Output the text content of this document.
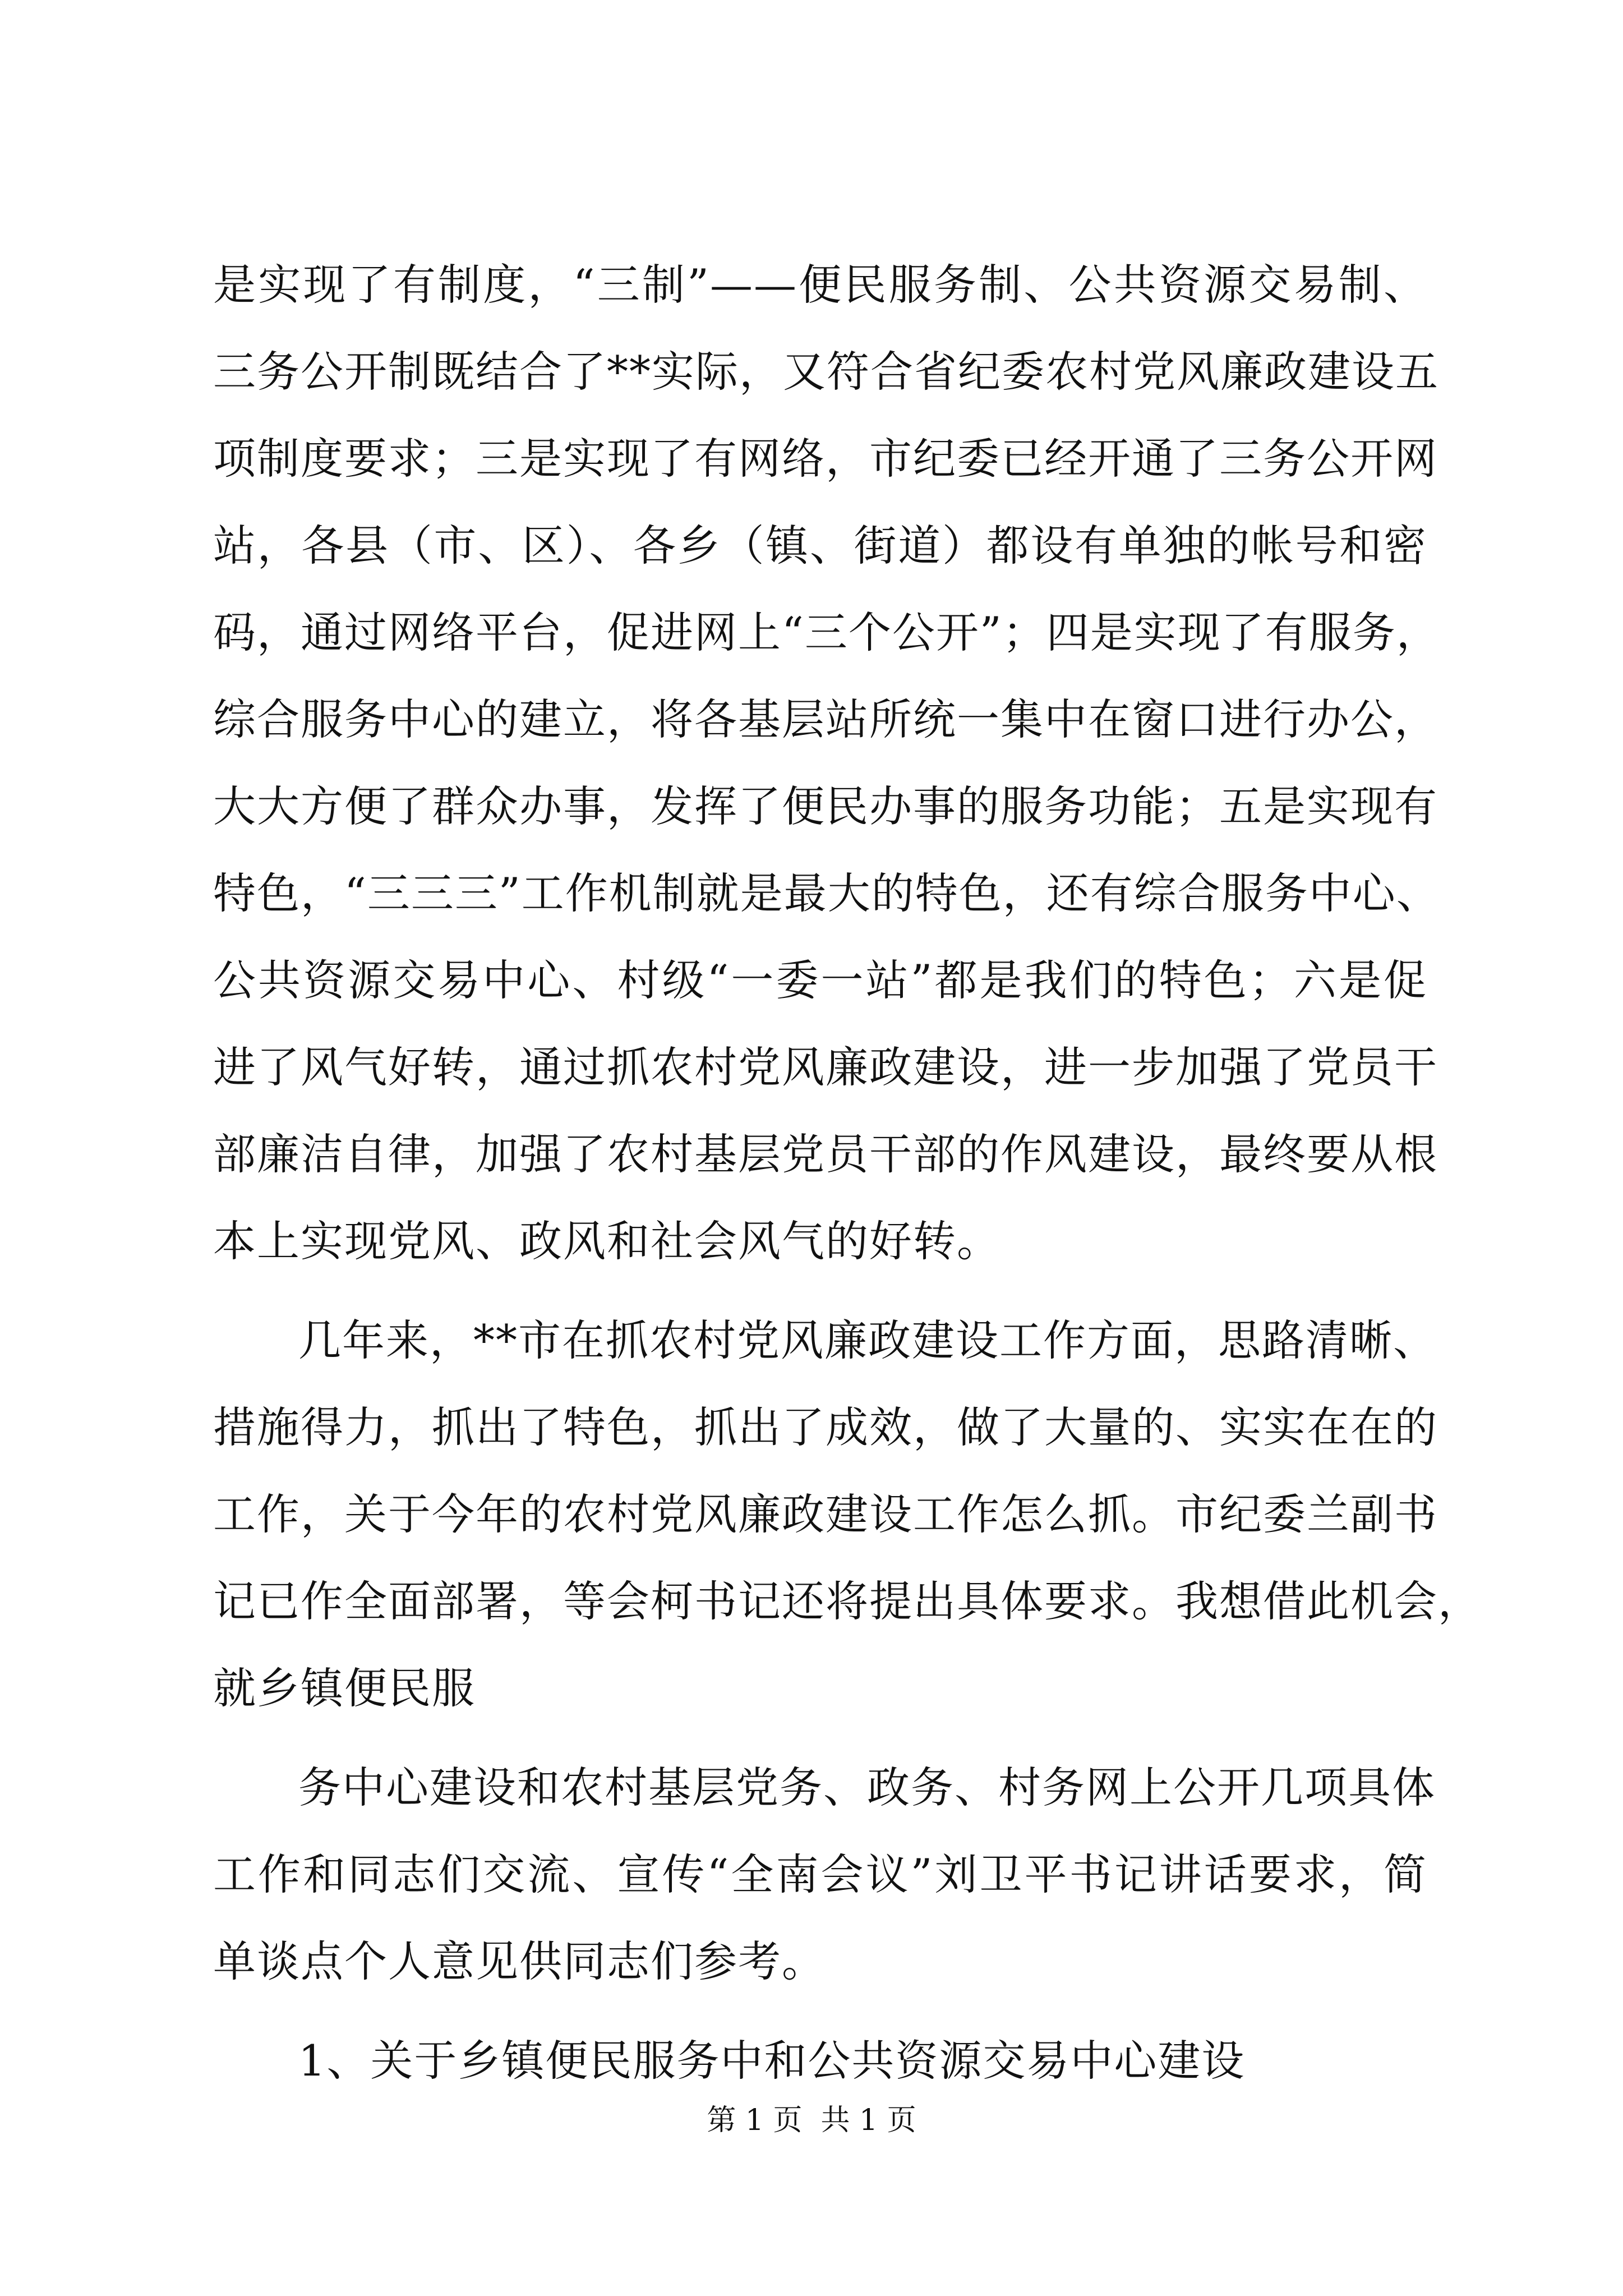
是实现了有制度，“三制”——便民服务制、公共资源交易制、
三务公开制既结合了**实际，又符合省纪委农村党风廉政建设五
项制度要求；三是实现了有网络，市纪委已经开通了三务公开网
站，各县（市、区）、各乡（镇、街道）都设有单独的帐号和密
码，通过网络平台，促进网上“三个公开”；四是实现了有服务，
综合服务中心的建立，将各基层站所统一集中在窗口进行办公，
大大方便了群众办事，发挥了便民办事的服务功能；五是实现有
特色，“三三三”工作机制就是最大的特色，还有综合服务中心、
公共资源交易中心、村级“一委一站”都是我们的特色；六是促
进了风气好转，通过抓农村党风廉政建设，进一步加强了党员干
部廉洁自律，加强了农村基层党员干部的作风建设，最终要从根
本上实现党风、政风和社会风气的好转。
几年来，**市在抓农村党风廉政建设工作方面，思路清晰、
措施得力，抓出了特色，抓出了成效，做了大量的、实实在在的
工作，关于今年的农村党风廉政建设工作怎么抓。市纪委兰副书
记已作全面部署，等会柯书记还将提出具体要求。我想借此机会，
就乡镇便民服
务中心建设和农村基层党务、政务、村务网上公开几项具体
工作和同志们交流、宣传“全南会议”刘卫平书记讲话要求，简
单谈点个人意见供同志们参考。
1、关于乡镇便民服务中和公共资源交易中心建设
第 1 页  共 1 页
